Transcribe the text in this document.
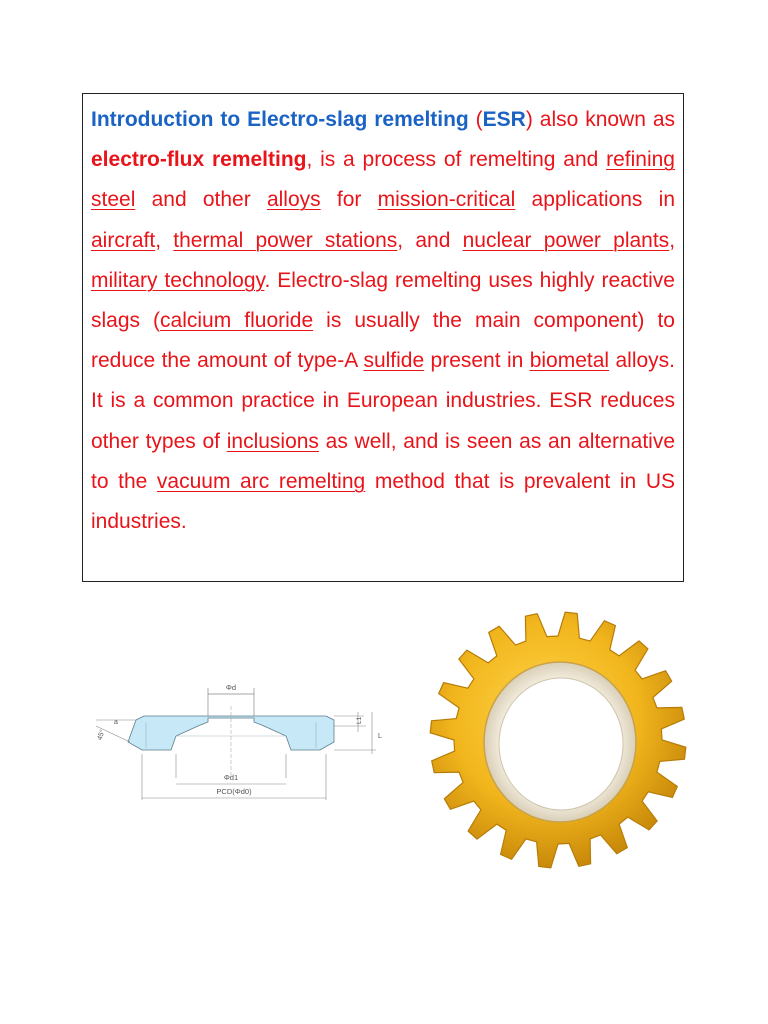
Introduction to Electro-slag remelting (ESR) also known as electro-flux remelting, is a process of remelting and refining steel and other alloys for mission-critical applications in aircraft, thermal power stations, and nuclear power plants, military technology. Electro-slag remelting uses highly reactive slags (calcium fluoride is usually the main component) to reduce the amount of type-A sulfide present in biometal alloys. It is a common practice in European industries. ESR reduces other types of inclusions as well, and is seen as an alternative to the vacuum arc remelting method that is prevalent in US industries.

Φd
a
45°
L1
L
Φd1
PCD(Φd0)
